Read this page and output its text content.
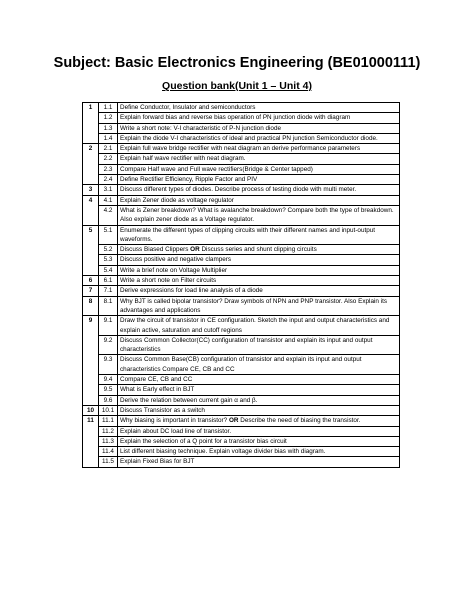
Subject: Basic Electronics Engineering (BE01000111)
Question bank(Unit 1 – Unit 4)
1	1.1	Define Conductor, Insulator and semiconductors
	1.2	Explain forward bias and reverse bias operation of PN junction diode with diagram
	1.3	Write a short note: V-I characteristic of P-N junction diode
	1.4	Explain the diode V-I characteristics of ideal and practical PN junction Semiconductor diode.
2	2.1	Explain full wave bridge rectifier with neat diagram an derive performance parameters
	2.2	Explain half wave rectifier with neat diagram.
	2.3	Compare Half wave and Full wave rectifiers(Bridge & Center tapped)
	2.4	Define Rectifier Efficiency, Ripple Factor and PIV
3	3.1	Discuss different types of diodes. Describe process of testing diode with multi meter.
4	4.1	Explain Zener diode as voltage regulator
	4.2	What is Zener breakdown? What is avalanche breakdown? Compare both the type of breakdown. Also explain zener diode as a Voltage regulator.
5	5.1	Enumerate the different types of clipping circuits with their different names and input-output waveforms.
	5.2	Discuss Biased Clippers OR Discuss series and shunt clipping circuits
	5.3	Discuss positive and negative clampers
	5.4	Write a brief note on Voltage Multiplier
6	6.1	Write a short note on Filter circuits
7	7.1	Derive expressions for load line analysis of a diode
8	8.1	Why BJT is called bipolar transistor? Draw symbols of NPN and PNP transistor. Also Explain its advantages and applications
9	9.1	Draw the circuit of transistor in CE configuration. Sketch the input and output characteristics and explain active, saturation and cutoff regions
	9.2	Discuss Common Collector(CC) configuration of transistor and explain its input and output characteristics
	9.3	Discuss Common Base(CB) configuration of transistor and explain its input and output characteristics Compare CE, CB and CC
	9.4	Compare CE, CB and CC
	9.5	What is Early effect in BJT
	9.6	Derive the relation between current gain α and β.
10	10.1	Discuss Transistor as a switch
11	11.1	Why biasing is important in transistor? OR Describe the need of biasing the transistor.
	11.2	Explain about DC load line of transistor.
	11.3	Explain the selection of a Q point for a transistor bias circuit
	11.4	List different biasing technique. Explain voltage divider bias with diagram.
	11.5	Explain Fixed Bias for BJT
